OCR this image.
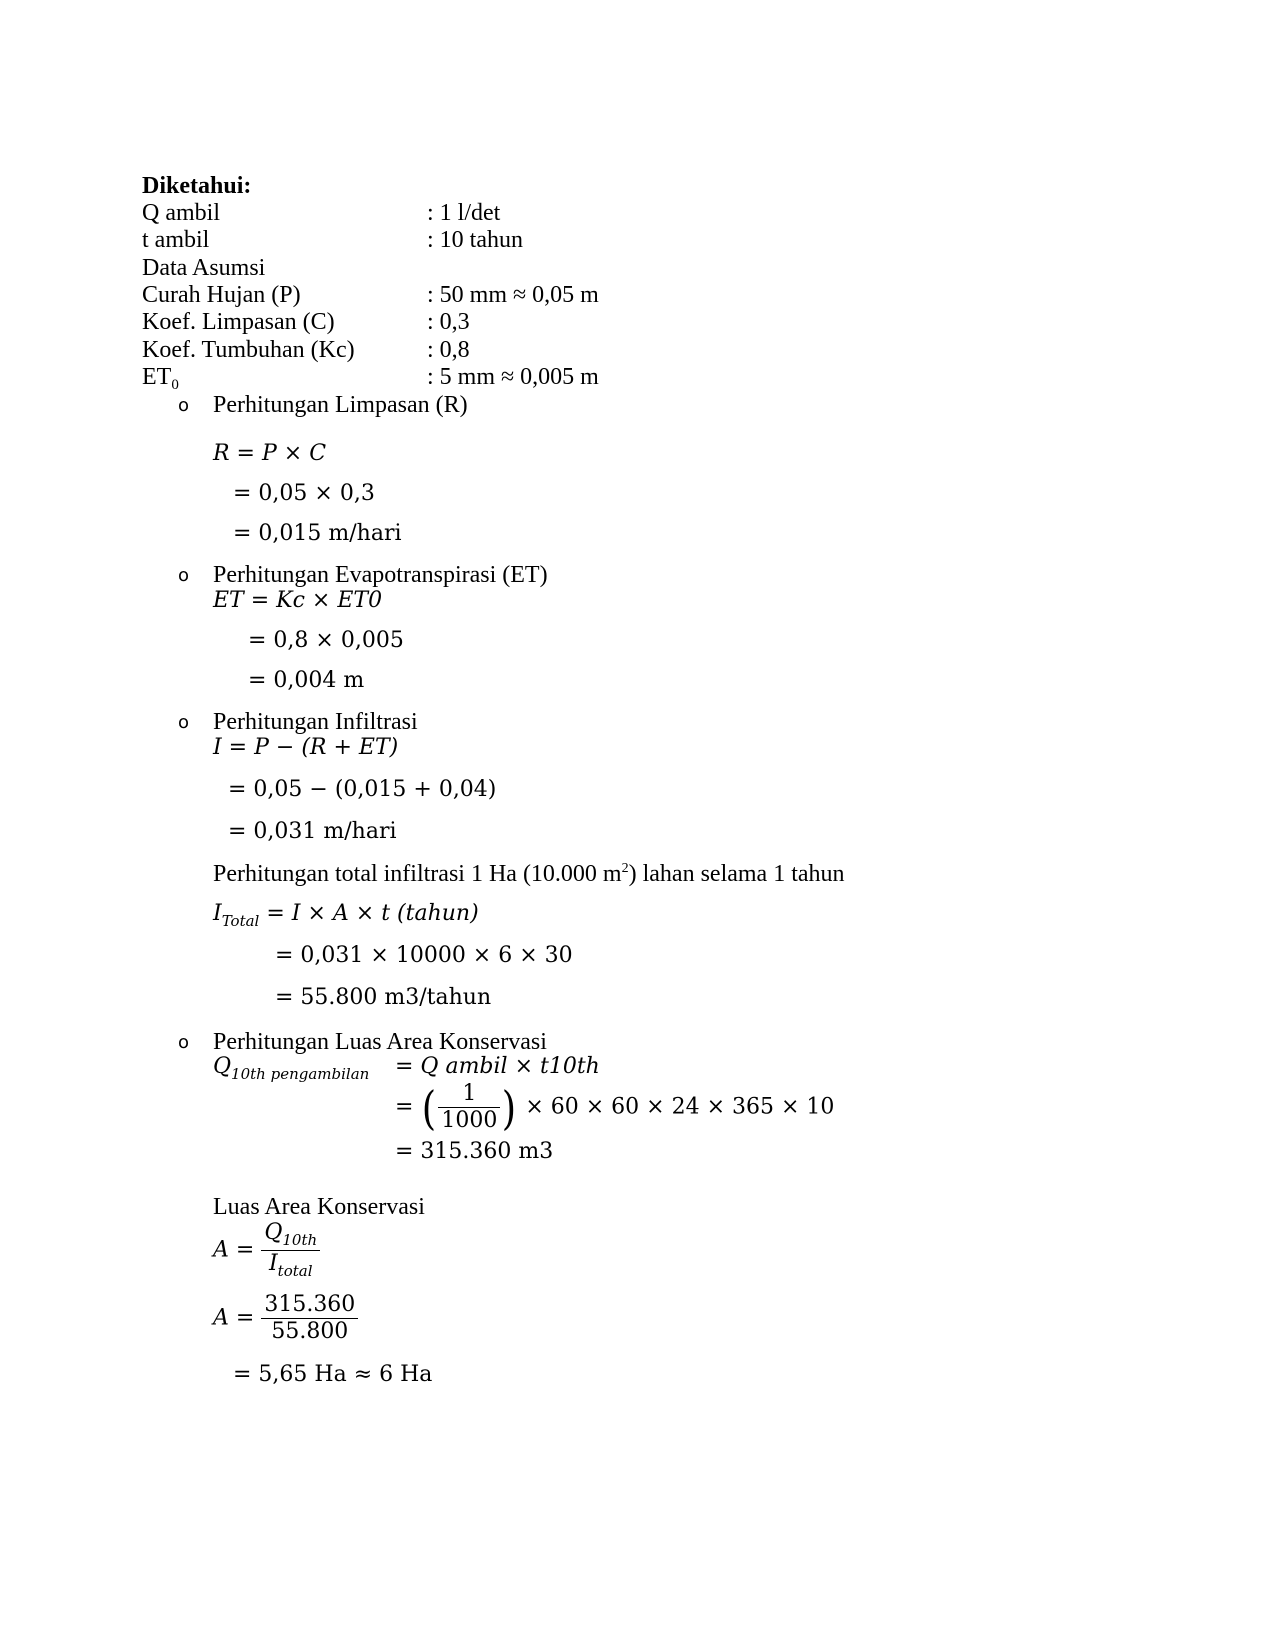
Diketahui:
Q ambil	: 1 l/det
t ambil	: 10 tahun
Data Asumsi
Curah Hujan (P)	: 50 mm ≈ 0,05 m
Koef. Limpasan (C)	: 0,3
Koef. Tumbuhan (Kc)	: 0,8
$ET_0$	: 5 mm ≈ 0,005 m
o Perhitungan Limpasan (R)
R = P × C
= 0,05 × 0,3
= 0,015 m/hari
o Perhitungan Evapotranspirasi (ET)
ET = Kc × ET0
= 0,8 × 0,005
= 0,004 m
o Perhitungan Infiltrasi
I = P − (R + ET)
= 0,05 − (0,015 + 0,04)
= 0,031 m/hari
Perhitungan total infiltrasi 1 Ha (10.000 $m^2$) lahan selama 1 tahun
$I_{Total} = I \times A \times t$ (tahun)
= 0,031 × 10000 × 6 × 30
= 55.800 m3/tahun
o Perhitungan Luas Area Konservasi
$Q_{10th pengambilan} = Q$ ambil × t10th
= ( $\frac{1}{1000}$ ) × 60 × 60 × 24 × 365 × 10
= 315.360 m3
Luas Area Konservasi
$A = \frac{Q_{10th}}{I_{total}}$
$A = \frac{315.360}{55.800}$
= 5,65 Ha ≈ 6 Ha
